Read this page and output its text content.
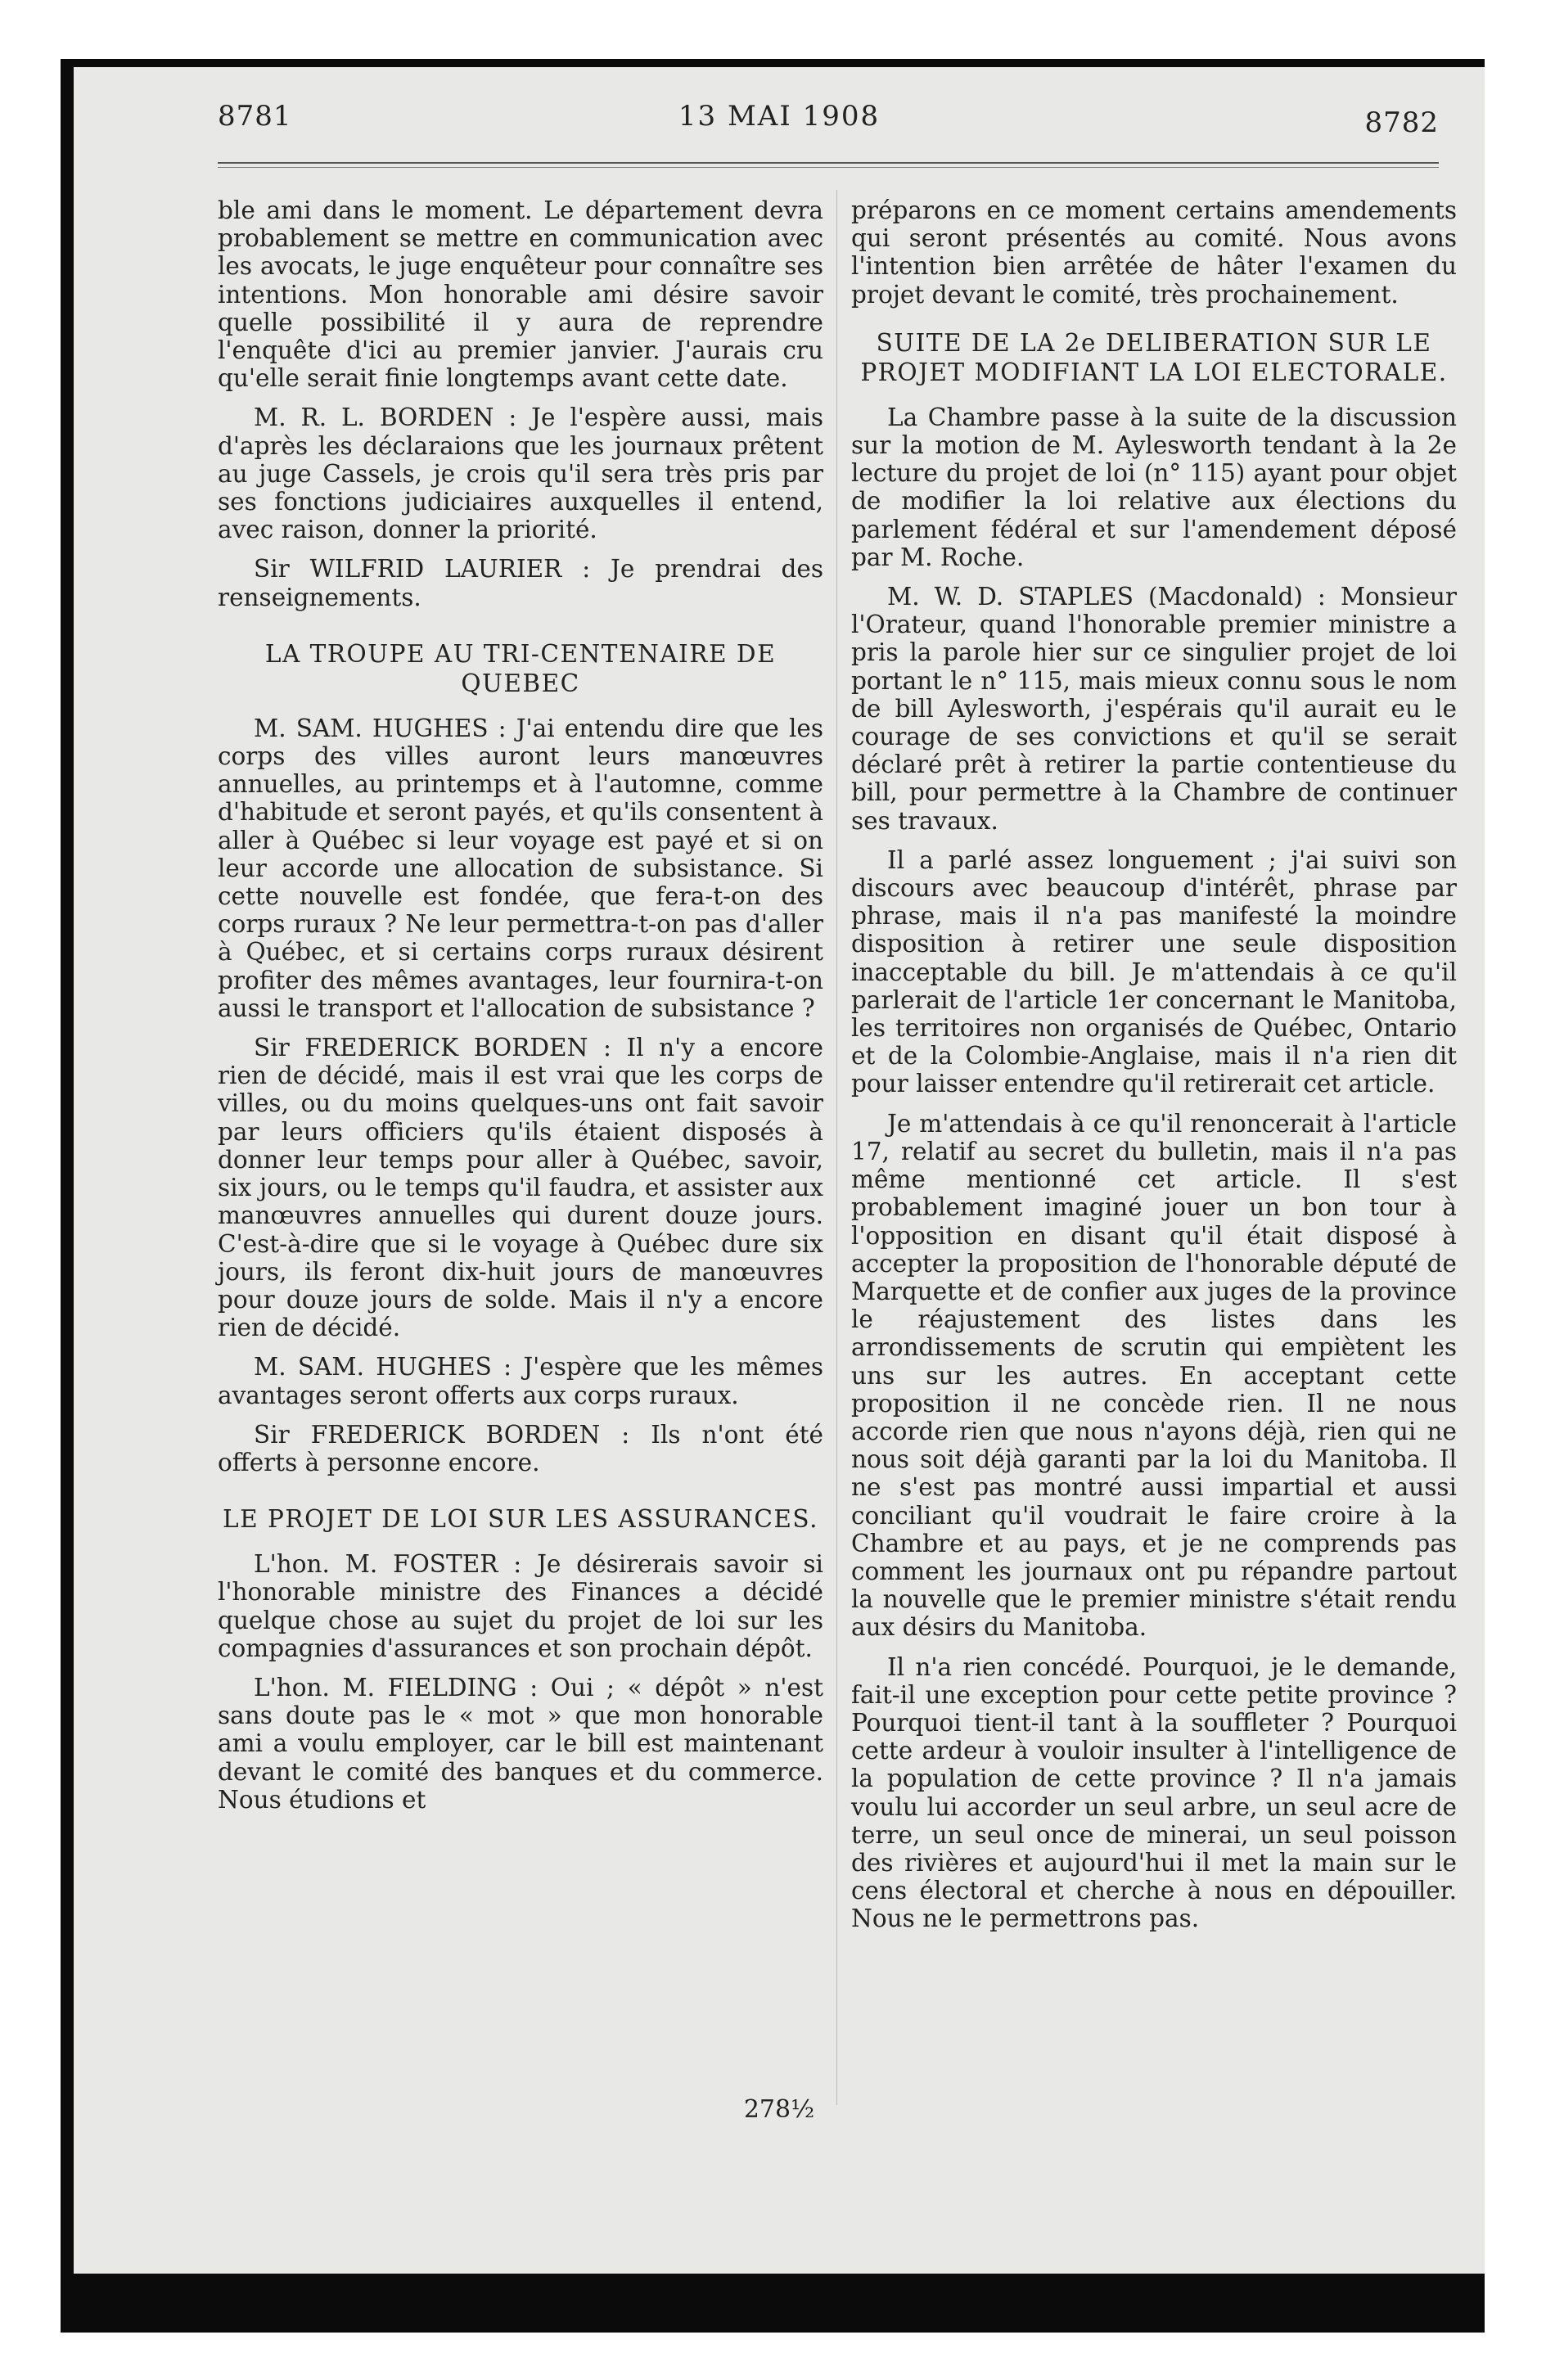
8781	13 MAI 1908	8782

ble ami dans le moment. Le département devra probablement se mettre en communication avec les avocats, le juge enquêteur pour connaître ses intentions. Mon honorable ami désire savoir quelle possibilité il y aura de reprendre l'enquête d'ici au premier janvier. J'aurais cru qu'elle serait finie longtemps avant cette date.

M. R. L. BORDEN : Je l'espère aussi, mais d'après les déclaraions que les journaux prêtent au juge Cassels, je crois qu'il sera très pris par ses fonctions judiciaires auxquelles il entend, avec raison, donner la priorité.

Sir WILFRID LAURIER : Je prendrai des renseignements.

LA TROUPE AU TRI-CENTENAIRE DE QUEBEC

M. SAM. HUGHES : J'ai entendu dire que les corps des villes auront leurs manœuvres annuelles, au printemps et à l'automne, comme d'habitude et seront payés, et qu'ils consentent à aller à Québec si leur voyage est payé et si on leur accorde une allocation de subsistance. Si cette nouvelle est fondée, que fera-t-on des corps ruraux ? Ne leur permettra-t-on pas d'aller à Québec, et si certains corps ruraux désirent profiter des mêmes avantages, leur fournira-t-on aussi le transport et l'allocation de subsistance ?

Sir FREDERICK BORDEN : Il n'y a encore rien de décidé, mais il est vrai que les corps de villes, ou du moins quelques-uns ont fait savoir par leurs officiers qu'ils étaient disposés à donner leur temps pour aller à Québec, savoir, six jours, ou le temps qu'il faudra, et assister aux manœuvres annuelles qui durent douze jours. C'est-à-dire que si le voyage à Québec dure six jours, ils feront dix-huit jours de manœuvres pour douze jours de solde. Mais il n'y a encore rien de décidé.

M. SAM. HUGHES : J'espère que les mêmes avantages seront offerts aux corps ruraux.

Sir FREDERICK BORDEN : Ils n'ont été offerts à personne encore.

LE PROJET DE LOI SUR LES ASSURANCES.

L'hon. M. FOSTER : Je désirerais savoir si l'honorable ministre des Finances a décidé quelque chose au sujet du projet de loi sur les compagnies d'assurances et son prochain dépôt.

L'hon. M. FIELDING : Oui ; « dépôt » n'est sans doute pas le « mot » que mon honorable ami a voulu employer, car le bill est maintenant devant le comité des banques et du commerce. Nous étudions et

préparons en ce moment certains amendements qui seront présentés au comité. Nous avons l'intention bien arrêtée de hâter l'examen du projet devant le comité, très prochainement.

SUITE DE LA 2e DELIBERATION SUR LE PROJET MODIFIANT LA LOI ELECTORALE.

La Chambre passe à la suite de la discussion sur la motion de M. Aylesworth tendant à la 2e lecture du projet de loi (n° 115) ayant pour objet de modifier la loi relative aux élections du parlement fédéral et sur l'amendement déposé par M. Roche.

M. W. D. STAPLES (Macdonald) : Monsieur l'Orateur, quand l'honorable premier ministre a pris la parole hier sur ce singulier projet de loi portant le n° 115, mais mieux connu sous le nom de bill Aylesworth, j'espérais qu'il aurait eu le courage de ses convictions et qu'il se serait déclaré prêt à retirer la partie contentieuse du bill, pour permettre à la Chambre de continuer ses travaux.

Il a parlé assez longuement ; j'ai suivi son discours avec beaucoup d'intérêt, phrase par phrase, mais il n'a pas manifesté la moindre disposition à retirer une seule disposition inacceptable du bill. Je m'attendais à ce qu'il parlerait de l'article 1er concernant le Manitoba, les territoires non organisés de Québec, Ontario et de la Colombie-Anglaise, mais il n'a rien dit pour laisser entendre qu'il retirerait cet article.

Je m'attendais à ce qu'il renoncerait à l'article 17, relatif au secret du bulletin, mais il n'a pas même mentionné cet article. Il s'est probablement imaginé jouer un bon tour à l'opposition en disant qu'il était disposé à accepter la proposition de l'honorable député de Marquette et de confier aux juges de la province le réajustement des listes dans les arrondissements de scrutin qui empiètent les uns sur les autres. En acceptant cette proposition il ne concède rien. Il ne nous accorde rien que nous n'ayons déjà, rien qui ne nous soit déjà garanti par la loi du Manitoba. Il ne s'est pas montré aussi impartial et aussi conciliant qu'il voudrait le faire croire à la Chambre et au pays, et je ne comprends pas comment les journaux ont pu répandre partout la nouvelle que le premier ministre s'était rendu aux désirs du Manitoba.

Il n'a rien concédé. Pourquoi, je le demande, fait-il une exception pour cette petite province ? Pourquoi tient-il tant à la souffleter ? Pourquoi cette ardeur à vouloir insulter à l'intelligence de la population de cette province ? Il n'a jamais voulu lui accorder un seul arbre, un seul acre de terre, un seul once de minerai, un seul poisson des rivières et aujourd'hui il met la main sur le cens électoral et cherche à nous en dépouiller. Nous ne le permettrons pas.

278½
